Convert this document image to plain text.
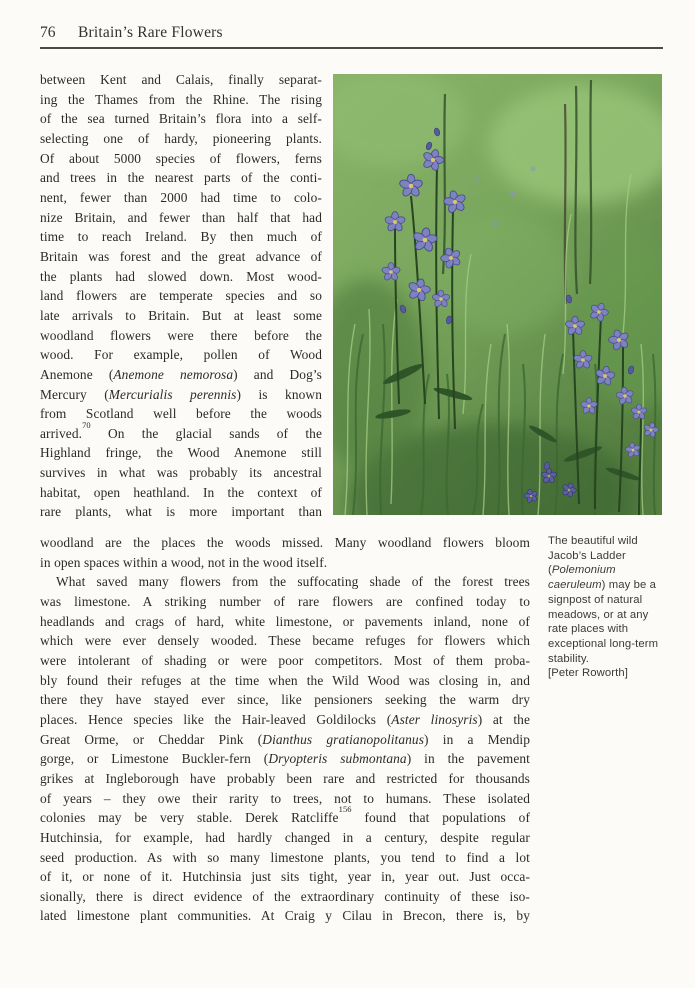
76 Britain’s Rare Flowers
between Kent and Calais, finally separat-
ing the Thames from the Rhine. The rising
of the sea turned Britain’s flora into a self-
selecting one of hardy, pioneering plants.
Of about 5000 species of flowers, ferns
and trees in the nearest parts of the conti-
nent, fewer than 2000 had time to colo-
nize Britain, and fewer than half that had
time to reach Ireland. By then much of
Britain was forest and the great advance of
the plants had slowed down. Most wood-
land flowers are temperate species and so
late arrivals to Britain. But at least some
woodland flowers were there before the
wood. For example, pollen of Wood
Anemone (Anemone nemorosa) and Dog’s
Mercury (Mercurialis perennis) is known
from Scotland well before the woods
arrived.$^{70}$ On the glacial sands of the
Highland fringe, the Wood Anemone still
survives in what was probably its ancestral
habitat, open heathland. In the context of
rare plants, what is more important than
The beautiful wild
Jacob’s Ladder
(Polemonium
caeruleum) may be a
signpost of natural
meadows, or at any
rate places with
exceptional long-term
stability.
[Peter Roworth]
woodland are the places the woods missed. Many woodland flowers bloom
in open spaces within a wood, not in the wood itself.
What saved many flowers from the suffocating shade of the forest trees
was limestone. A striking number of rare flowers are confined today to
headlands and crags of hard, white limestone, or pavements inland, none of
which were ever densely wooded. These became refuges for flowers which
were intolerant of shading or were poor competitors. Most of them proba-
bly found their refuges at the time when the Wild Wood was closing in, and
there they have stayed ever since, like pensioners seeking the warm dry
places. Hence species like the Hair-leaved Goldilocks (Aster linosyris) at the
Great Orme, or Cheddar Pink (Dianthus gratianopolitanus) in a Mendip
gorge, or Limestone Buckler-fern (Dryopteris submontana) in the pavement
grikes at Ingleborough have probably been rare and restricted for thousands
of years – they owe their rarity to trees, not to humans. These isolated
colonies may be very stable. Derek Ratcliffe$^{156}$ found that populations of
Hutchinsia, for example, had hardly changed in a century, despite regular
seed production. As with so many limestone plants, you tend to find a lot
of it, or none of it. Hutchinsia just sits tight, year in, year out. Just occa-
sionally, there is direct evidence of the extraordinary continuity of these iso-
lated limestone plant communities. At Craig y Cilau in Brecon, there is, by
